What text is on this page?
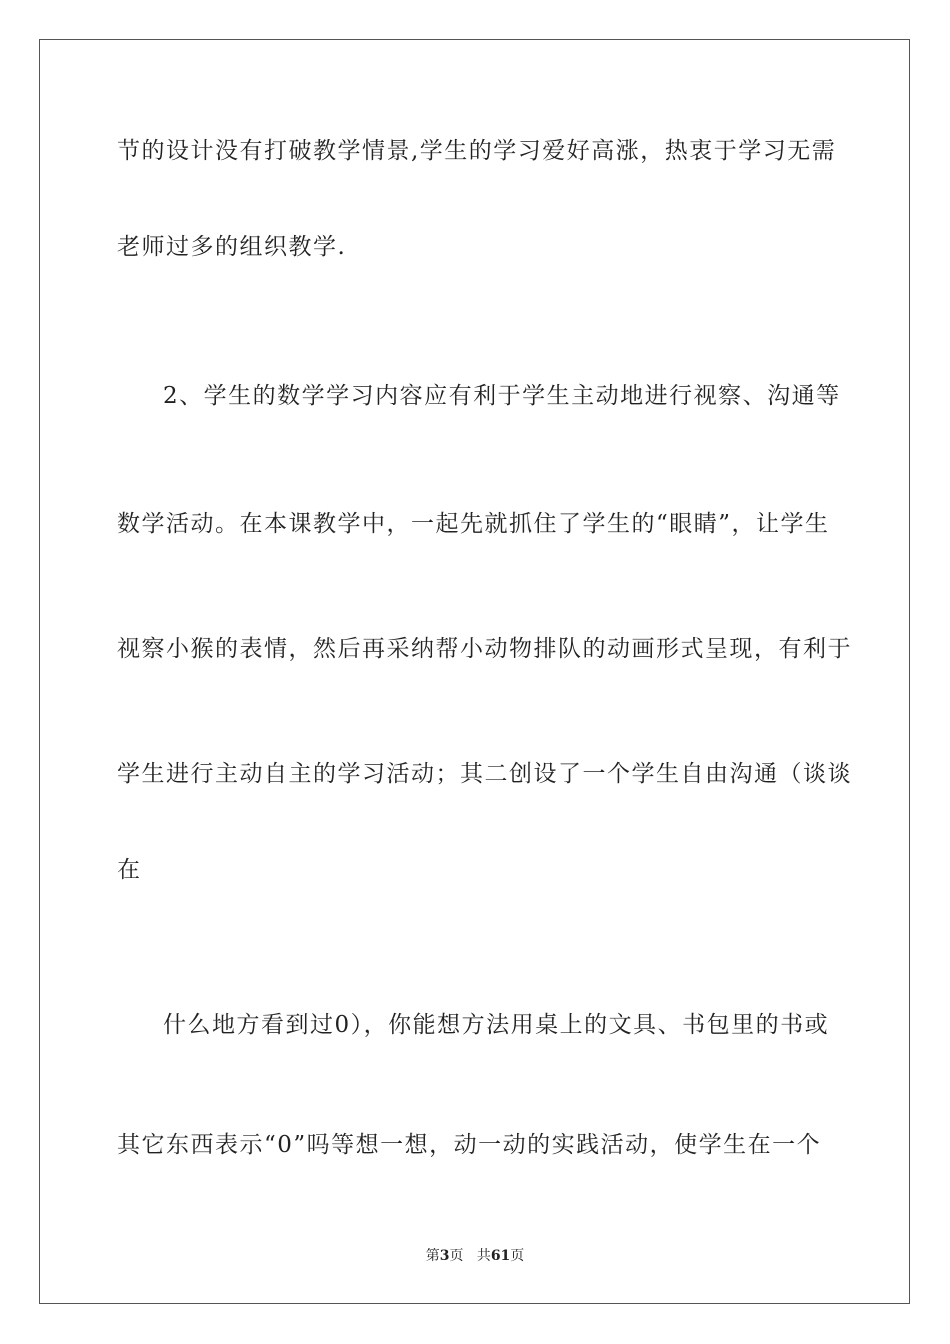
节的设计没有打破教学情景,学生的学习爱好高涨，热衷于学习无需
老师过多的组织教学.
2、学生的数学学习内容应有利于学生主动地进行视察、沟通等
数学活动。在本课教学中，一起先就抓住了学生的“眼睛”，让学生
视察小猴的表情，然后再采纳帮小动物排队的动画形式呈现，有利于
学生进行主动自主的学习活动；其二创设了一个学生自由沟通（谈谈
在
什么地方看到过0），你能想方法用桌上的文具、书包里的书或
其它东西表示“0”吗等想一想，动一动的实践活动，使学生在一个
第3页 共61页
